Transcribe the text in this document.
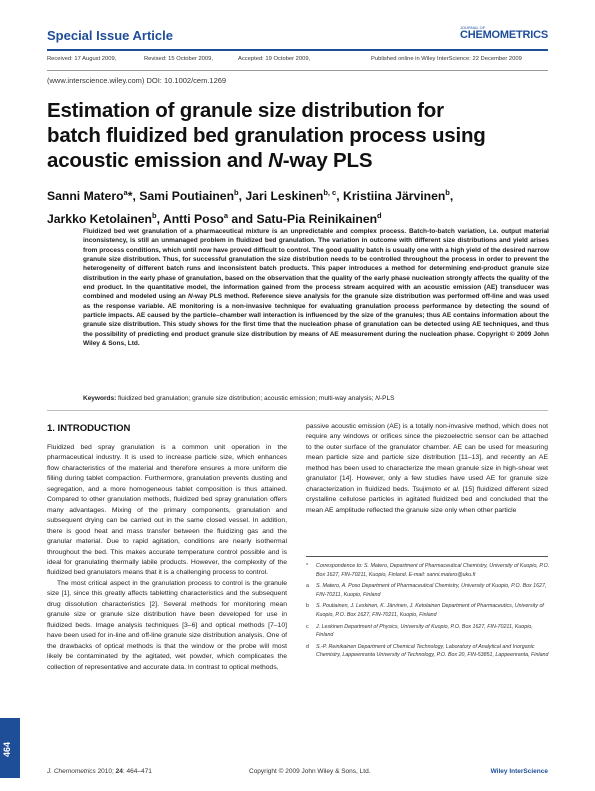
Special Issue Article
JOURNAL OF
CHEMOMETRICS
Received: 17 August 2009,	Revised: 15 October 2009,	Accepted: 19 October 2009,	Published online in Wiley InterScience: 22 December 2009
(www.interscience.wiley.com) DOI: 10.1002/cem.1269
Estimation of granule size distribution for
batch fluidized bed granulation process using
acoustic emission and N-way PLS
Sanni Matero$^a$*, Sami Poutiainen$^b$, Jari Leskinen$^{b, c}$, Kristiina Järvinen$^b$,
Jarkko Ketolainen$^b$, Antti Poso$^a$ and Satu-Pia Reinikainen$^d$
Fluidized bed wet granulation of a pharmaceutical mixture is an unpredictable and complex process. Batch-to-batch variation, i.e. output material inconsistency, is still an unmanaged problem in fluidized bed granulation. The variation in outcome with different size distributions and yield arises from process conditions, which until now have proved difficult to control. The good quality batch is usually one with a high yield of the desired narrow granule size distribution. Thus, for successful granulation the size distribution needs to be controlled throughout the process in order to prevent the heterogeneity of different batch runs and inconsistent batch products. This paper introduces a method for determining end-product granule size distribution in the early phase of granulation, based on the observation that the quality of the early phase nucleation strongly affects the quality of the end product. In the quantitative model, the information gained from the process stream acquired with an acoustic emission (AE) transducer was combined and modeled using an N-way PLS method. Reference sieve analysis for the granule size distribution was performed off-line and was used as the response variable. AE monitoring is a non-invasive technique for evaluating granulation process performance by detecting the sound of particle impacts. AE caused by the particle–chamber wall interaction is influenced by the size of the granules; thus AE contains information about the granule size distribution. This study shows for the first time that the nucleation phase of granulation can be detected using AE techniques, and thus the possibility of predicting end product granule size distribution by means of AE measurement during the nucleation phase. Copyright © 2009 John Wiley & Sons, Ltd.
Keywords: fluidized bed granulation; granule size distribution; acoustic emission; multi-way analysis; N-PLS
1. INTRODUCTION

Fluidized bed spray granulation is a common unit operation in the pharmaceutical industry. It is used to increase particle size, which enhances flow characteristics of the material and therefore ensures a more uniform die filling during tablet compaction. Furthermore, granulation prevents dusting and segregation, and a more homogeneous tablet composition is thus attained. Compared to other granulation methods, fluidized bed spray granulation offers many advantages. Mixing of the primary components, granulation and subsequent drying can be carried out in the same closed vessel. In addition, there is good heat and mass transfer between the fluidizing gas and the granular material. Due to rapid agitation, conditions are nearly isothermal throughout the bed. This makes accurate temperature control possible and is ideal for granulating thermally labile products. However, the complexity of the fluidized bed granulators means that it is a challenging process to control.

The most critical aspect in the granulation process to control is the granule size [1], since this greatly affects tabletting characteristics and the subsequent drug dissolution characteristics [2]. Several methods for monitoring mean granule size or granule size distribution have been developed for use in fluidized beds. Image analysis techniques [3–6] and optical methods [7–10] have been used for in-line and off-line granule size distribution analysis. One of the drawbacks of optical methods is that the window or the probe will most likely be contaminated by the agitated, wet powder, which complicates the collection of representative and accurate data. In contrast to optical methods,

passive acoustic emission (AE) is a totally non-invasive method, which does not require any windows or orifices since the piezoelectric sensor can be attached to the outer surface of the granulator chamber. AE can be used for measuring mean particle size and particle size distribution [11–13], and recently an AE method has been used to characterize the mean granule size in high-shear wet granulator [14]. However, only a few studies have used AE for granule size characterization in fluidized beds. Tsujimoto et al. [15] fluidized different sized crystalline cellulose particles in agitated fluidized bed and concluded that the mean AE amplitude reflected the granule size only when other particle

* Correspondence to: S. Matero, Department of Pharmaceutical Chemistry, University of Kuopio, P.O. Box 1627, FIN-70211, Kuopio, Finland. E-mail: sanni.matero@uku.fi
a S. Matero, A. Poso Department of Pharmaceutical Chemistry, University of Kuopio, P.O. Box 1627, FIN-70211, Kuopio, Finland
b S. Poutiainen, J. Leskinen, K. Järvinen, J. Ketolainen Department of Pharmaceutics, University of Kuopio, P.O. Box 1627, FIN-70211, Kuopio, Finland
c J. Leskinen Department of Physics, University of Kuopio, P.O. Box 1627, FIN-70211, Kuopio, Finland
d S.-P. Reinikainen Department of Chemical Technology, Laboratory of Analytical and Inorganic Chemistry, Lappeenranta University of Technology, P.O. Box 20, FIN-53851, Lappeenranta, Finland
464
J. Chemometrics 2010; 24: 464–471	Copyright © 2009 John Wiley & Sons, Ltd.	Wiley InterScience
